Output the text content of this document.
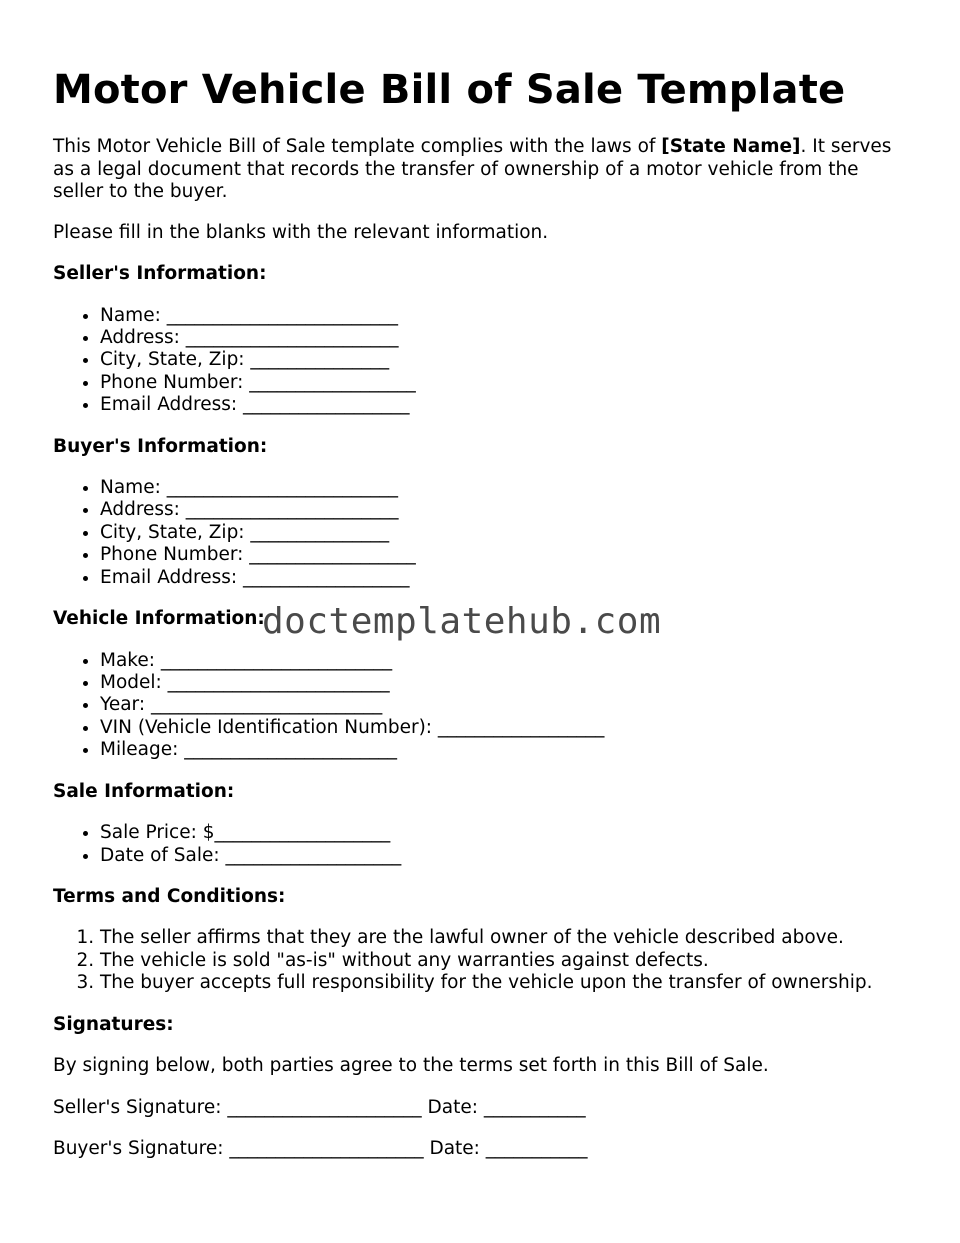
Motor Vehicle Bill of Sale Template

This Motor Vehicle Bill of Sale template complies with the laws of [State Name]. It serves as a legal document that records the transfer of ownership of a motor vehicle from the seller to the buyer.

Please fill in the blanks with the relevant information.

Seller's Information:
• Name: _________________________
• Address: _______________________
• City, State, Zip: _______________
• Phone Number: __________________
• Email Address: __________________
Buyer's Information:
• Name: _________________________
• Address: _______________________
• City, State, Zip: _______________
• Phone Number: __________________
• Email Address: __________________
Vehicle Information:
• Make: _________________________
• Model: ________________________
• Year: _________________________
• VIN (Vehicle Identification Number): __________________
• Mileage: _______________________
Sale Information:
• Sale Price: $___________________
• Date of Sale: ___________________
Terms and Conditions:
1. The seller affirms that they are the lawful owner of the vehicle described above.
2. The vehicle is sold "as-is" without any warranties against defects.
3. The buyer accepts full responsibility for the vehicle upon the transfer of ownership.
Signatures:

By signing below, both parties agree to the terms set forth in this Bill of Sale.

Seller's Signature: _____________________ Date: ___________

Buyer's Signature: _____________________ Date: ___________

doctemplatehub.com
